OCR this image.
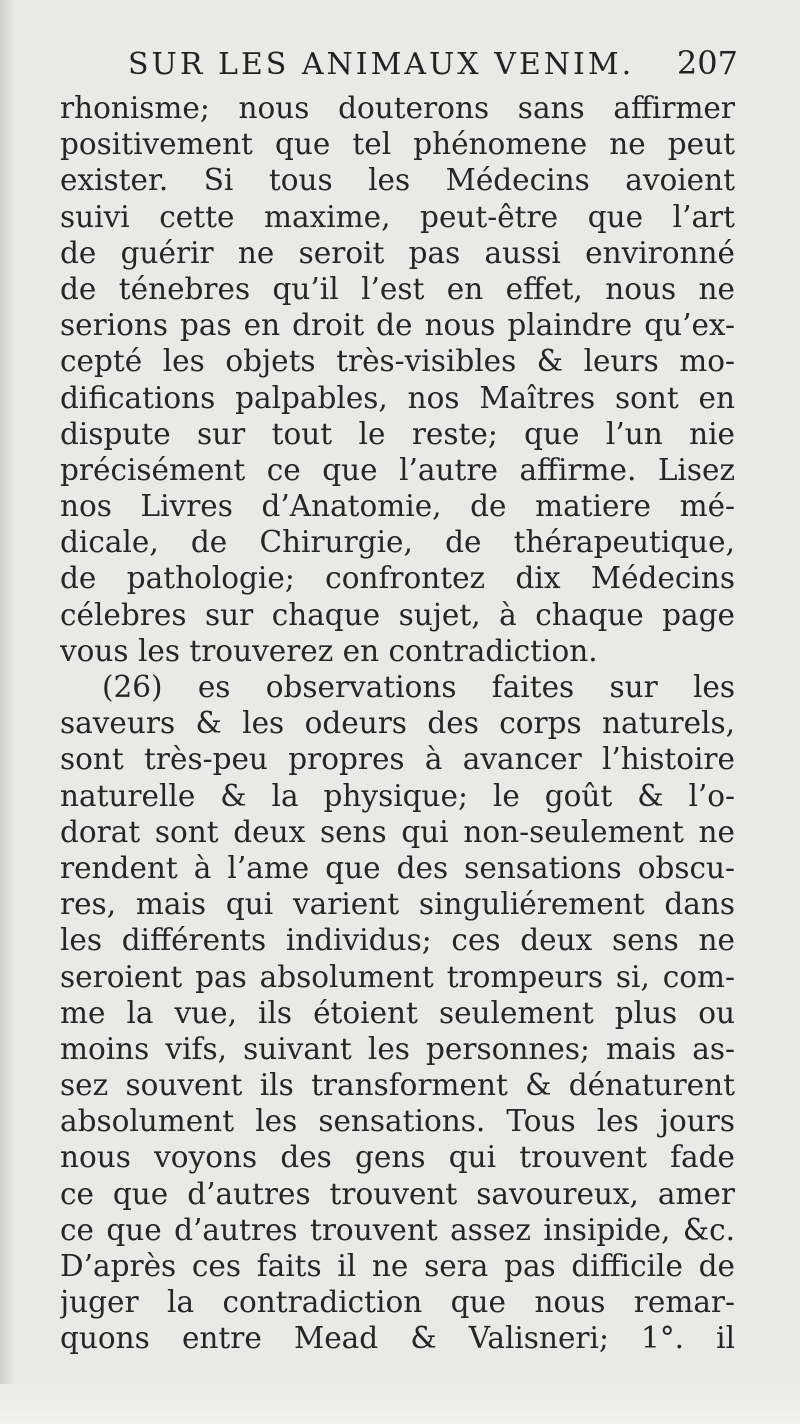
SUR LES ANIMAUX VENIM. 207
rhonisme; nous douterons sans affirmer
positivement que tel phénomene ne peut
exister. Si tous les Médecins avoient
suivi cette maxime, peut-être que l’art
de guérir ne seroit pas aussi environné
de ténebres qu’il l’est en effet, nous ne
serions pas en droit de nous plaindre qu’ex-
cepté les objets très-visibles & leurs mo-
difications palpables, nos Maîtres sont en
dispute sur tout le reste; que l’un nie
précisément ce que l’autre affirme. Lisez
nos Livres d’Anatomie, de matiere mé-
dicale, de Chirurgie, de thérapeutique,
de pathologie; confrontez dix Médecins
célebres sur chaque sujet, à chaque page
vous les trouverez en contradiction.
(26) es observations faites sur les
saveurs & les odeurs des corps naturels,
sont très-peu propres à avancer l’histoire
naturelle & la physique; le goût & l’o-
dorat sont deux sens qui non-seulement ne
rendent à l’ame que des sensations obscu-
res, mais qui varient singuliérement dans
les différents individus; ces deux sens ne
seroient pas absolument trompeurs si, com-
me la vue, ils étoient seulement plus ou
moins vifs, suivant les personnes; mais as-
sez souvent ils transforment & dénaturent
absolument les sensations. Tous les jours
nous voyons des gens qui trouvent fade
ce que d’autres trouvent savoureux, amer
ce que d’autres trouvent assez insipide, &c.
D’après ces faits il ne sera pas difficile de
juger la contradiction que nous remar-
quons entre Mead & Valisneri; 1°. il
